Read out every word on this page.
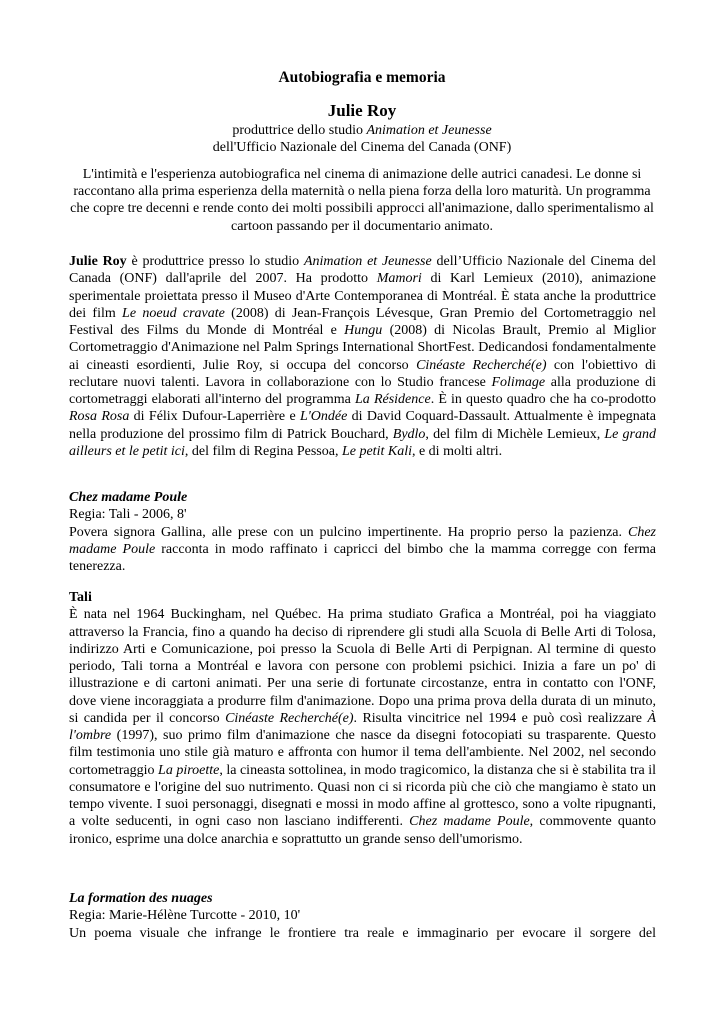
Autobiografia e memoria

Julie Roy

produttrice dello studio Animation et Jeunesse

dell'Ufficio Nazionale del Cinema del Canada (ONF)

L'intimità e l'esperienza autobiografica nel cinema di animazione delle autrici canadesi. Le donne si raccontano alla prima esperienza della maternità o nella piena forza della loro maturità. Un programma che copre tre decenni e rende conto dei molti possibili approcci all'animazione, dallo sperimentalismo al cartoon passando per il documentario animato.

Julie Roy è produttrice presso lo studio Animation et Jeunesse dell’Ufficio Nazionale del Cinema del Canada (ONF) dall'aprile del 2007. Ha prodotto Mamori di Karl Lemieux (2010), animazione sperimentale proiettata presso il Museo d'Arte Contemporanea di Montréal. È stata anche la produttrice dei film Le noeud cravate (2008) di Jean-François Lévesque, Gran Premio del Cortometraggio nel Festival des Films du Monde di Montréal e Hungu (2008) di Nicolas Brault, Premio al Miglior Cortometraggio d'Animazione nel Palm Springs International ShortFest. Dedicandosi fondamentalmente ai cineasti esordienti, Julie Roy, si occupa del concorso Cinéaste Recherché(e) con l'obiettivo di reclutare nuovi talenti. Lavora in collaborazione con lo Studio francese Folimage alla produzione di cortometraggi elaborati all'interno del programma La Résidence. È in questo quadro che ha co-prodotto Rosa Rosa di Félix Dufour-Laperrière e L'Ondée di David Coquard-Dassault. Attualmente è impegnata nella produzione del prossimo film di Patrick Bouchard, Bydlo, del film di Michèle Lemieux, Le grand ailleurs et le petit ici, del film di Regina Pessoa, Le petit Kali, e di molti altri.

Chez madame Poule

Regia: Tali - 2006, 8'

Povera signora Gallina, alle prese con un pulcino impertinente. Ha proprio perso la pazienza. Chez madame Poule racconta in modo raffinato i capricci del bimbo che la mamma corregge con ferma tenerezza.

Tali

È nata nel 1964 Buckingham, nel Québec. Ha prima studiato Grafica a Montréal, poi ha viaggiato attraverso la Francia, fino a quando ha deciso di riprendere gli studi alla Scuola di Belle Arti di Tolosa, indirizzo Arti e Comunicazione, poi presso la Scuola di Belle Arti di Perpignan. Al termine di questo periodo, Tali torna a Montréal e lavora con persone con problemi psichici. Inizia a fare un po' di illustrazione e di cartoni animati. Per una serie di fortunate circostanze, entra in contatto con l'ONF, dove viene incoraggiata a produrre film d'animazione. Dopo una prima prova della durata di un minuto, si candida per il concorso Cinéaste Recherché(e). Risulta vincitrice nel 1994 e può così realizzare À l'ombre (1997), suo primo film d'animazione che nasce da disegni fotocopiati su trasparente. Questo film testimonia uno stile già maturo e affronta con humor il tema dell'ambiente. Nel 2002, nel secondo cortometraggio La piroette, la cineasta sottolinea, in modo tragicomico, la distanza che si è stabilita tra il consumatore e l'origine del suo nutrimento. Quasi non ci si ricorda più che ciò che mangiamo è stato un tempo vivente. I suoi personaggi, disegnati e mossi in modo affine al grottesco, sono a volte ripugnanti, a volte seducenti, in ogni caso non lasciano indifferenti. Chez madame Poule, commovente quanto ironico, esprime una dolce anarchia e soprattutto un grande senso dell'umorismo.

La formation des nuages

Regia: Marie-Hélène Turcotte - 2010, 10'

Un poema visuale che infrange le frontiere tra reale e immaginario per evocare il sorgere del
